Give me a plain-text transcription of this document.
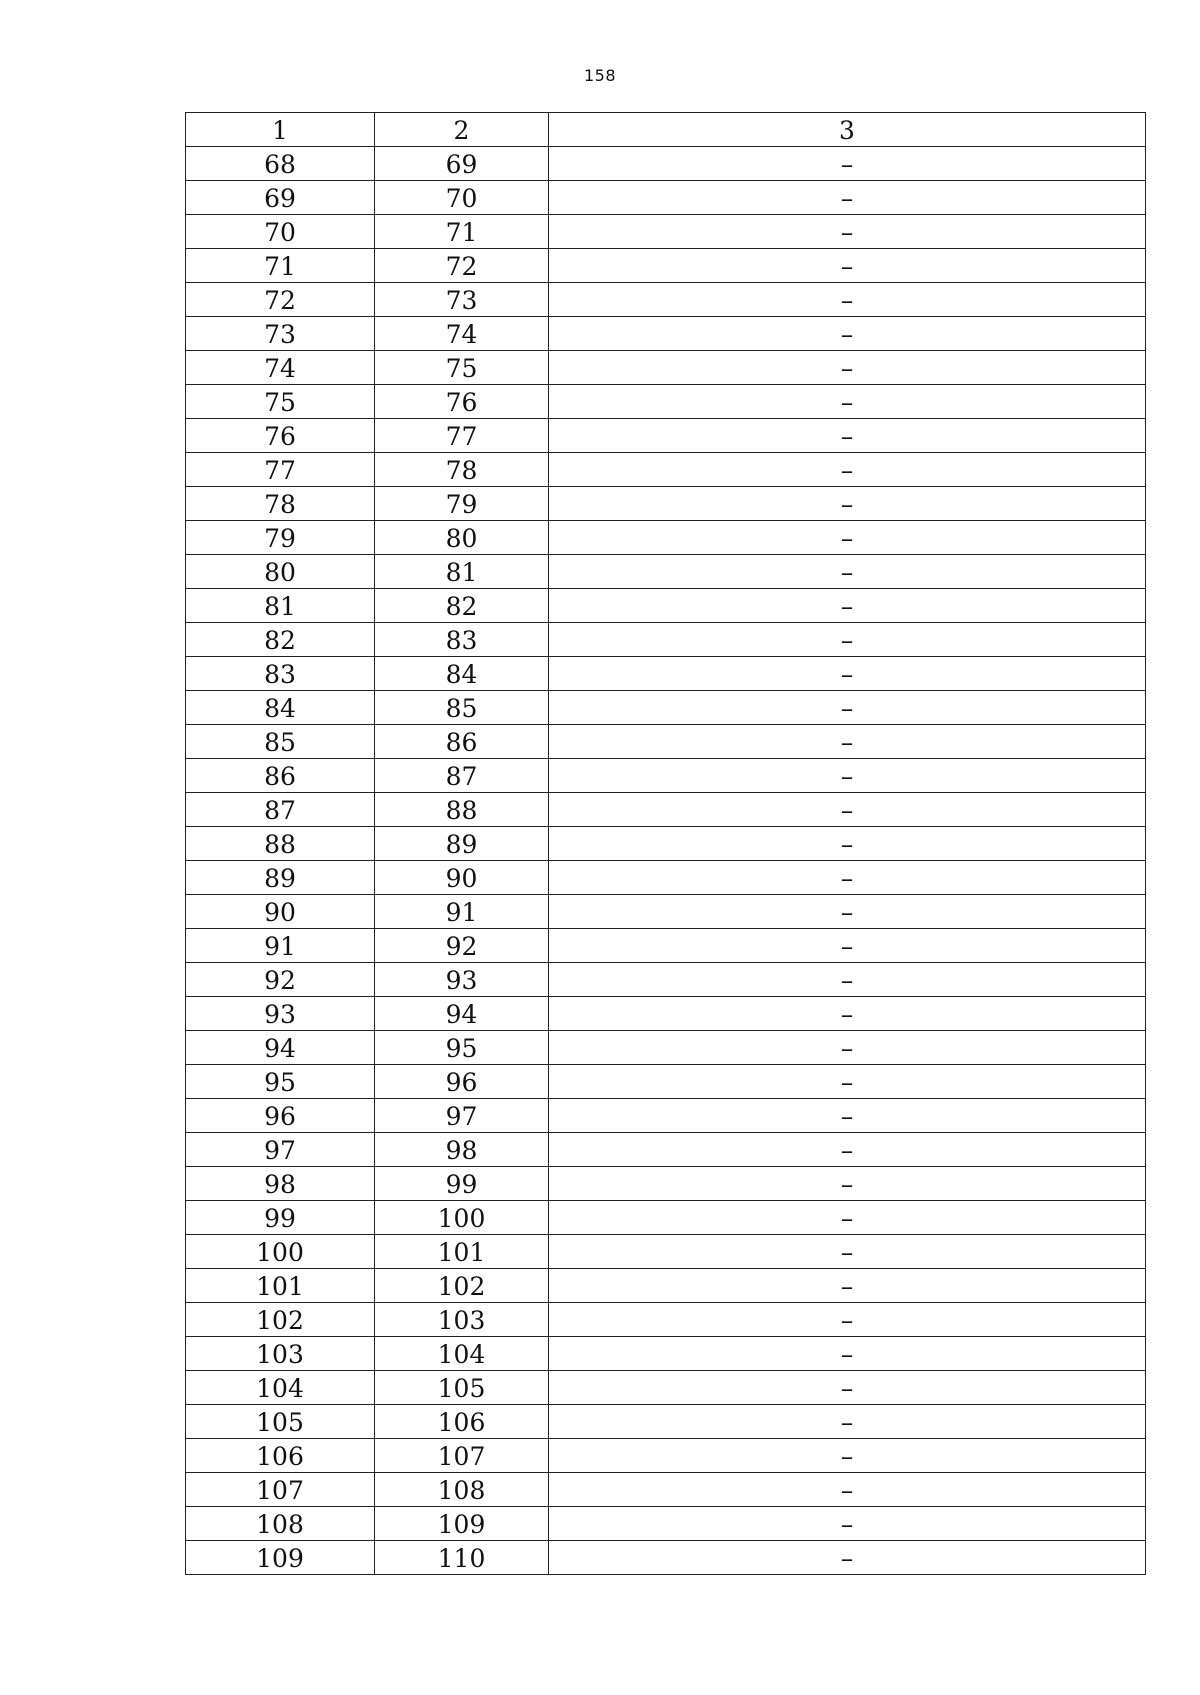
158
1	2	3
68	69	–
69	70	–
70	71	–
71	72	–
72	73	–
73	74	–
74	75	–
75	76	–
76	77	–
77	78	–
78	79	–
79	80	–
80	81	–
81	82	–
82	83	–
83	84	–
84	85	–
85	86	–
86	87	–
87	88	–
88	89	–
89	90	–
90	91	–
91	92	–
92	93	–
93	94	–
94	95	–
95	96	–
96	97	–
97	98	–
98	99	–
99	100	–
100	101	–
101	102	–
102	103	–
103	104	–
104	105	–
105	106	–
106	107	–
107	108	–
108	109	–
109	110	–
